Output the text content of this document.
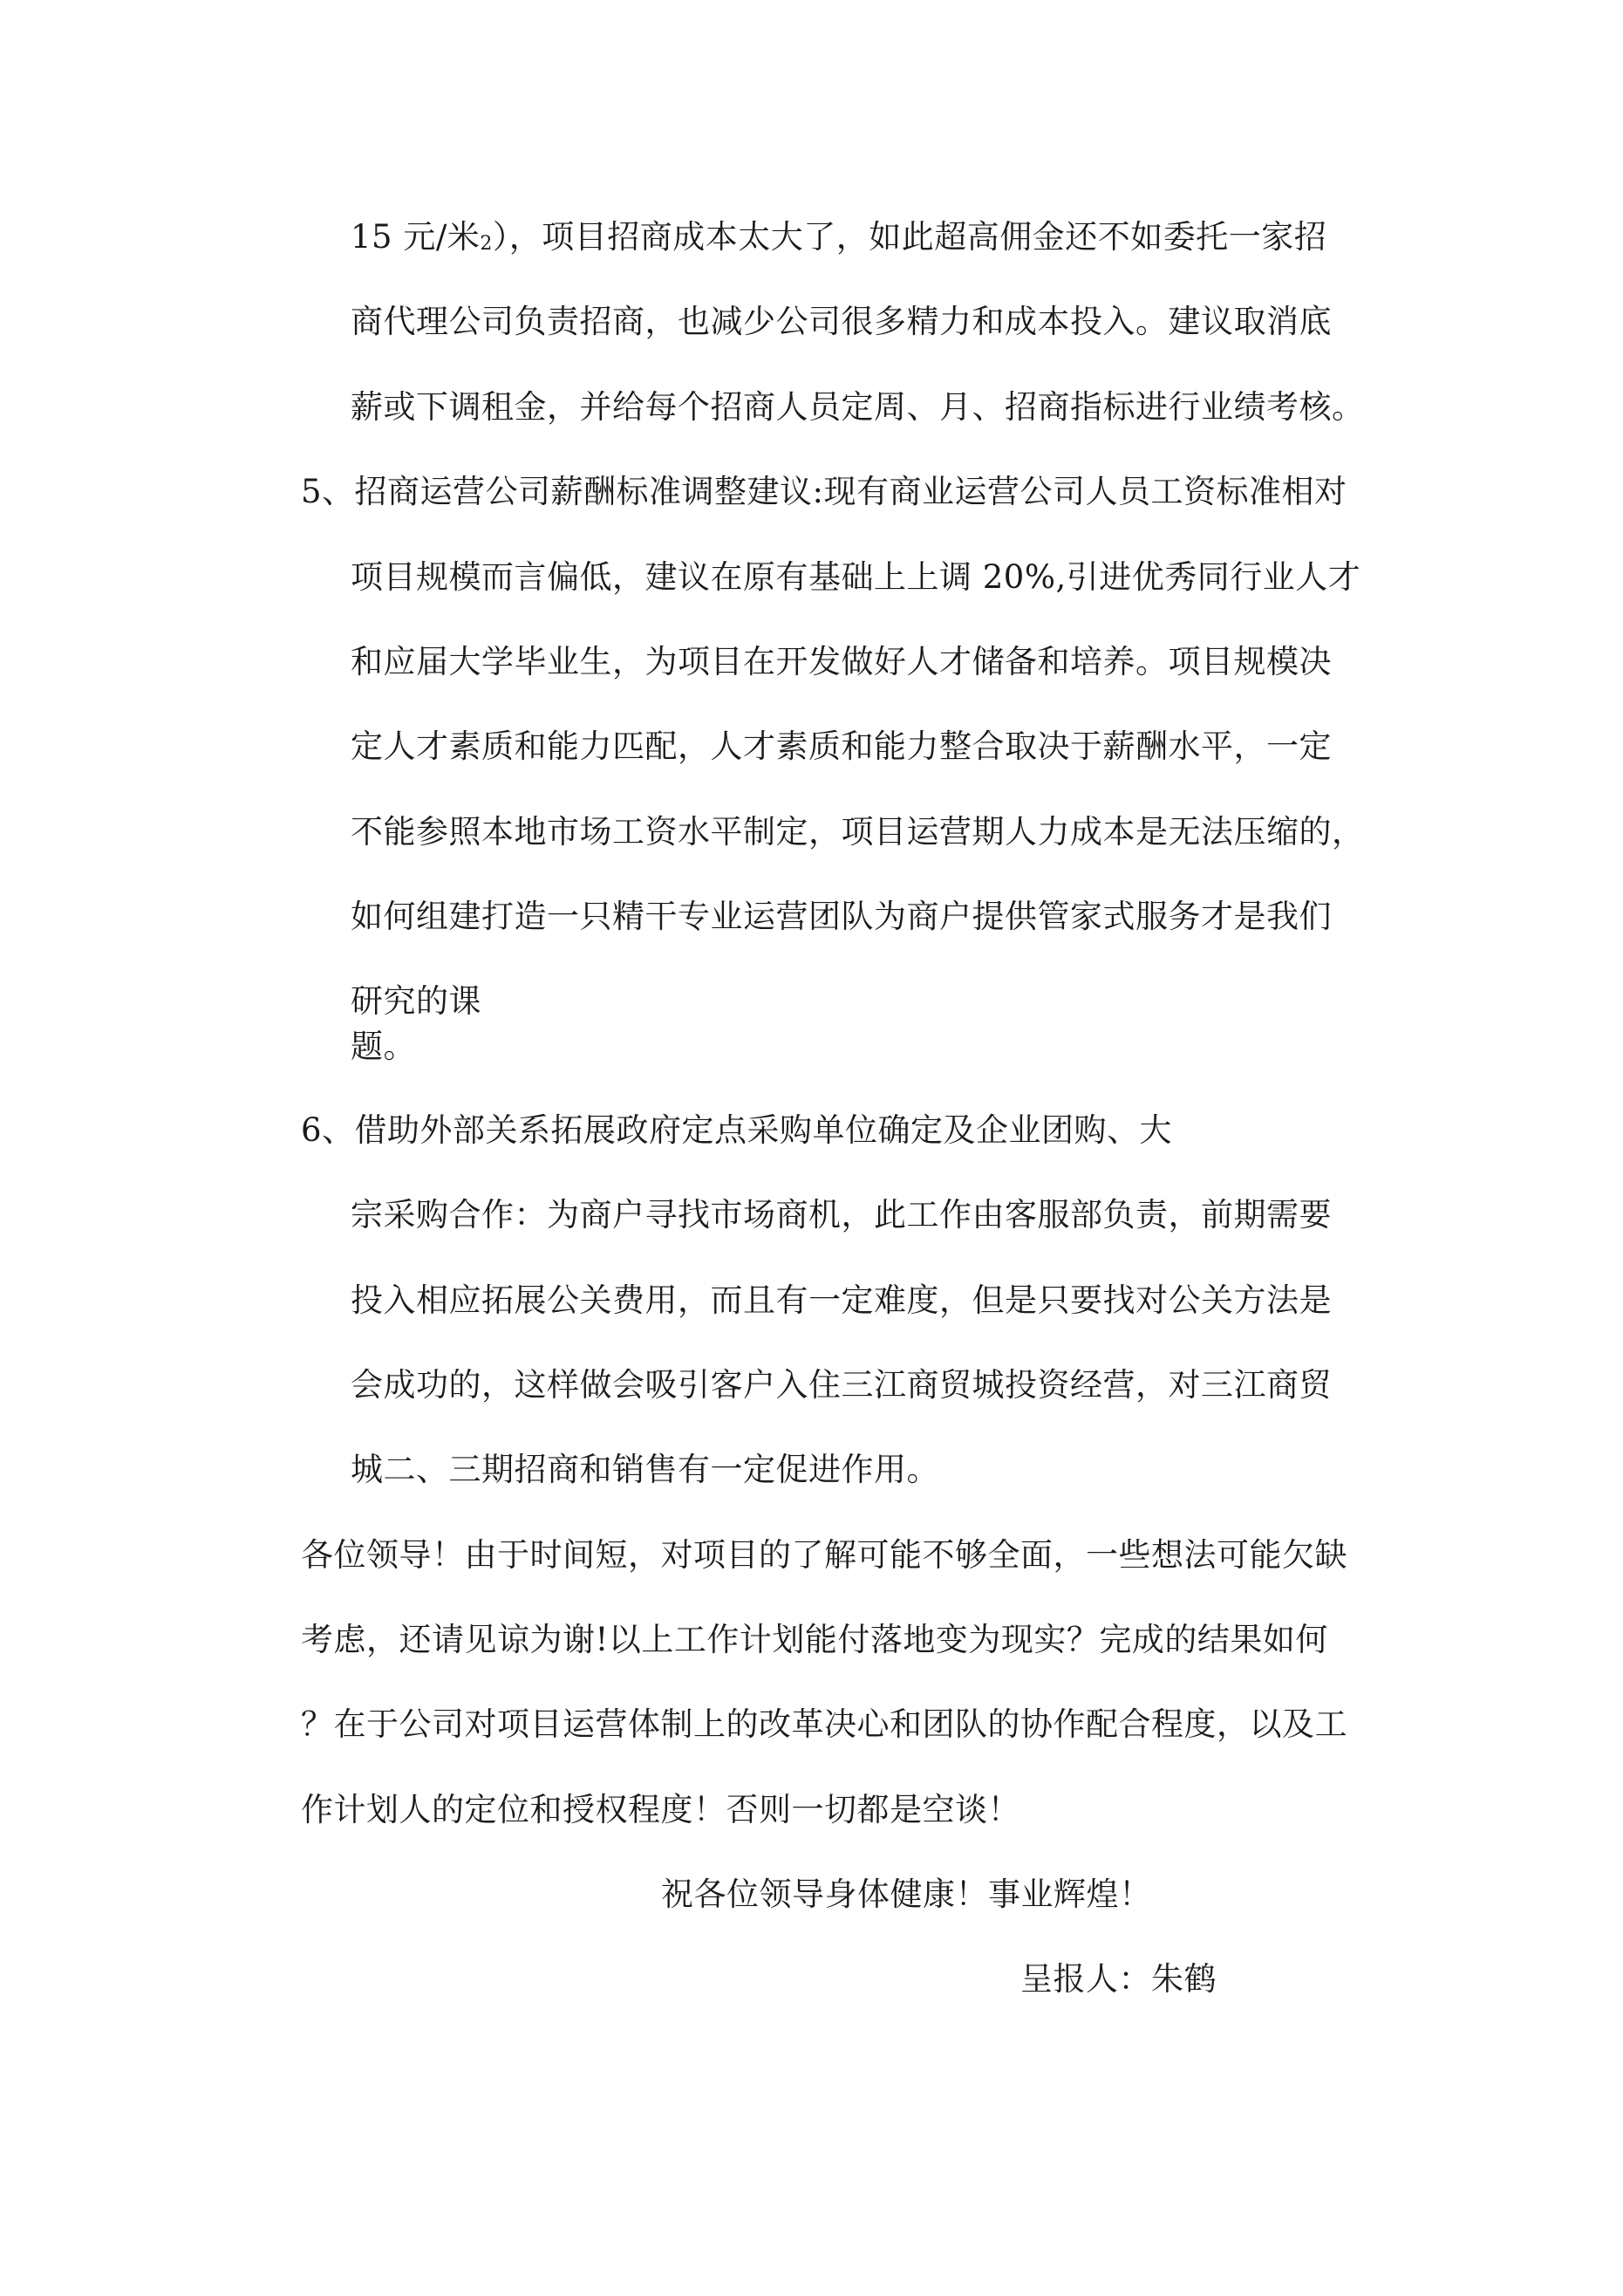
15 元/米2），项目招商成本太大了，如此超高佣金还不如委托一家招
商代理公司负责招商，也减少公司很多精力和成本投入。建议取消底
薪或下调租金，并给每个招商人员定周、月、招商指标进行业绩考核。
5、招商运营公司薪酬标准调整建议:现有商业运营公司人员工资标准相对
项目规模而言偏低，建议在原有基础上上调 20%,引进优秀同行业人才
和应届大学毕业生，为项目在开发做好人才储备和培养。项目规模决
定人才素质和能力匹配，人才素质和能力整合取决于薪酬水平，一定
不能参照本地市场工资水平制定，项目运营期人力成本是无法压缩的，
如何组建打造一只精干专业运营团队为商户提供管家式服务才是我们
研究的课
题。
6、借助外部关系拓展政府定点采购单位确定及企业团购、大
宗采购合作：为商户寻找市场商机，此工作由客服部负责，前期需要
投入相应拓展公关费用，而且有一定难度，但是只要找对公关方法是
会成功的，这样做会吸引客户入住三江商贸城投资经营，对三江商贸
城二、三期招商和销售有一定促进作用。
各位领导！由于时间短，对项目的了解可能不够全面，一些想法可能欠缺
考虑，还请见谅为谢!以上工作计划能付落地变为现实？完成的结果如何
？在于公司对项目运营体制上的改革决心和团队的协作配合程度，以及工
作计划人的定位和授权程度！否则一切都是空谈！
祝各位领导身体健康！事业辉煌！
呈报人：朱鹤
